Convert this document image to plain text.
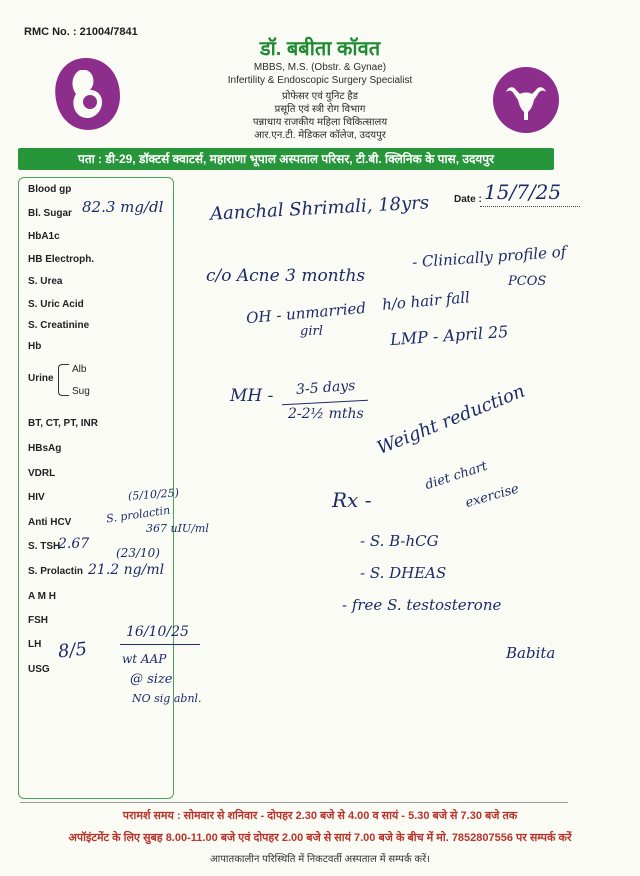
RMC No. : 21004/7841
डॉ. बबीता कॉवत
MBBS, M.S. (Obstr. & Gynae)
Infertility & Endoscopic Surgery Specialist
प्रोफेसर एवं युनिट हैड
प्रसूति एवं स्त्री रोग विभाग
पन्नाधाय राजकीय महिला चिकित्सालय
आर.एन.टी. मेडिकल कॉलेज, उदयपुर
पता : डी-29, डॉक्टर्स क्वाटर्स, महाराणा भूपाल अस्पताल परिसर, टी.बी. क्लिनिक के पास, उदयपुर
Blood gp
Bl. Sugar
HbA1c
HB Electroph.
S. Urea
S. Uric Acid
S. Creatinine
Hb
Urine
Alb
Sug
BT, CT, PT, INR
HBsAg
VDRL
HIV
Anti HCV
S. TSH
S. Prolactin
A M H
FSH
LH
USG
82.3 mg/dl
2.67
(5/10/25)
S. prolactin
367 uIU/ml
(23/10)
21.2 ng/ml
8/5
16/10/25
wt AAP
@ size
NO sig abnl.
Date : 15/7/25
Aanchal Shrimali, 18yrs
c/o Acne 3 months
- Clinically profile of
PCOS
OH - unmarried
girl
h/o hair fall
LMP - April 25
MH - 3-5 days
2-2½ mths
Rx -
Weight reduction
diet chart
exercise
- S. B-hCG
- S. DHEAS
- free S. testosterone
Babita
परामर्श समय : सोमवार से शनिवार - दोपहर 2.30 बजे से 4.00 व सायं - 5.30 बजे से 7.30 बजे तक
अपॉइंटमेंट के लिए सुबह 8.00-11.00 बजे एवं दोपहर 2.00 बजे से सायं 7.00 बजे के बीच में मो. 7852807556 पर सम्पर्क करें
आपातकालीन परिस्थिति में निकटवर्ती अस्पताल में सम्पर्क करें।
